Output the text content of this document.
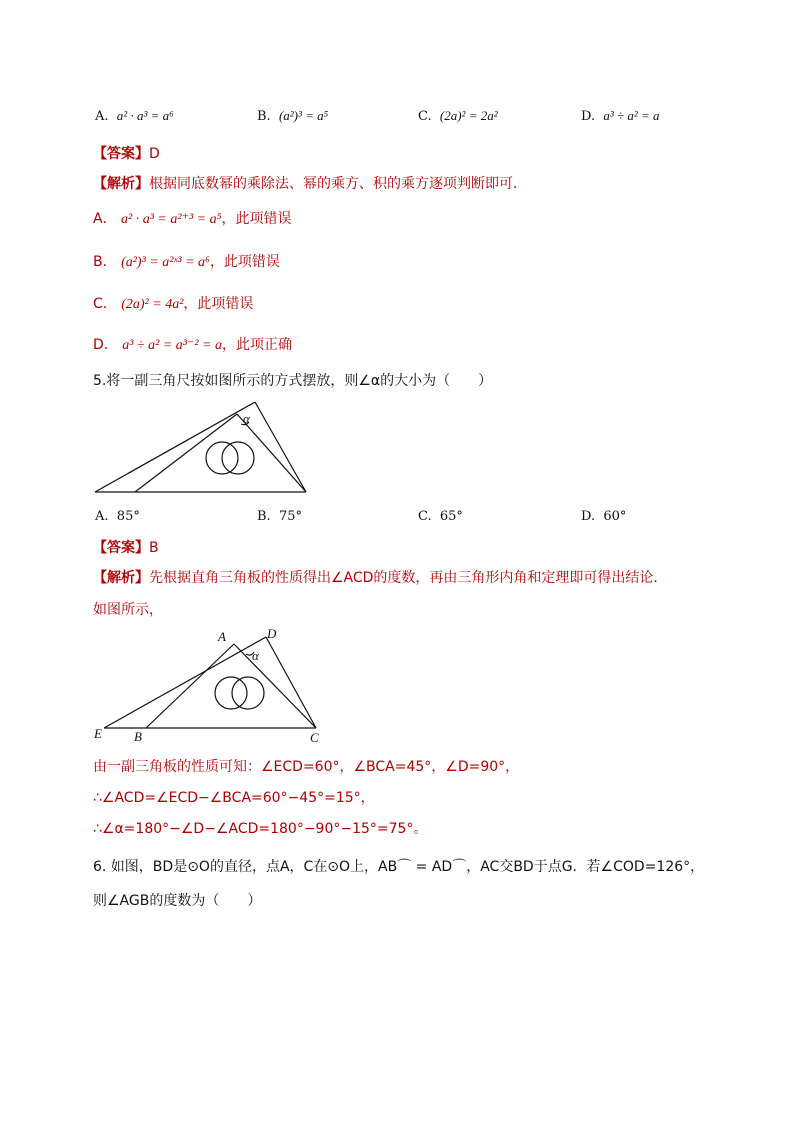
A. a² · a³ = a⁶	B. (a²)³ = a⁵	C. (2a)² = 2a²	D. a³ ÷ a² = a
【答案】D
【解析】根据同底数幂的乘除法、幂的乘方、积的乘方逐项判断即可．
A． a² · a³ = a²⁺³ = a⁵，此项错误
B． (a²)³ = a²ˣ³ = a⁶，此项错误
C． (2a)² = 4a²，此项错误
D． a³ ÷ a² = a³⁻² = a，此项正确
5.将一副三角尺按如图所示的方式摆放，则∠α的大小为（　　）
α
A. 85°	B. 75°	C. 65°	D. 60°
【答案】B
【解析】先根据直角三角板的性质得出∠ACD的度数，再由三角形内角和定理即可得出结论．
如图所示，
A	D
E B	C
α
由一副三角板的性质可知：∠ECD=60°，∠BCA=45°，∠D=90°，
∴∠ACD=∠ECD−∠BCA=60°−45°=15°，
∴∠α=180°−∠D−∠ACD=180°−90°−15°=75°。
6. 如图，BD是⊙O的直径，点A，C在⊙O上，AB⌒ = AD⌒，AC交BD于点G．若∠COD=126°，
则∠AGB的度数为（　　）
